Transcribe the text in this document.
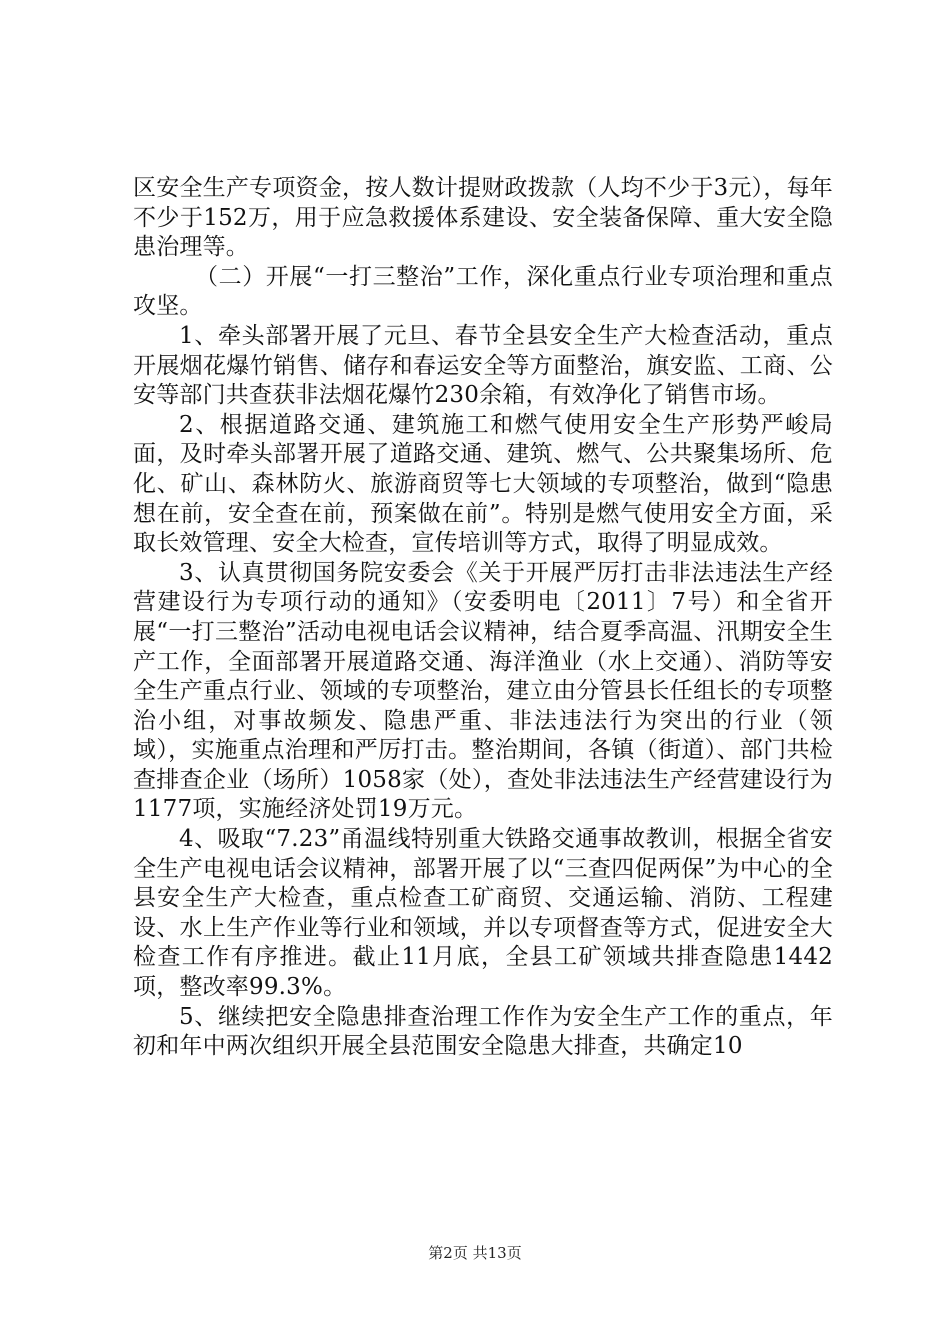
区安全生产专项资金，按人数计提财政拨款（人均不少于3元），每年不少于152万，用于应急救援体系建设、安全装备保障、重大安全隐患治理等。

（二）开展“一打三整治”工作，深化重点行业专项治理和重点攻坚。

1、牵头部署开展了元旦、春节全县安全生产大检查活动，重点开展烟花爆竹销售、储存和春运安全等方面整治，旗安监、工商、公安等部门共查获非法烟花爆竹230余箱，有效净化了销售市场。

2、根据道路交通、建筑施工和燃气使用安全生产形势严峻局面，及时牵头部署开展了道路交通、建筑、燃气、公共聚集场所、危化、矿山、森林防火、旅游商贸等七大领域的专项整治，做到“隐患想在前，安全查在前，预案做在前”。特别是燃气使用安全方面，采取长效管理、安全大检查，宣传培训等方式，取得了明显成效。

3、认真贯彻国务院安委会《关于开展严厉打击非法违法生产经营建设行为专项行动的通知》（安委明电〔2011〕7号）和全省开展“一打三整治”活动电视电话会议精神，结合夏季高温、汛期安全生产工作，全面部署开展道路交通、海洋渔业（水上交通）、消防等安全生产重点行业、领域的专项整治，建立由分管县长任组长的专项整治小组，对事故频发、隐患严重、非法违法行为突出的行业（领域），实施重点治理和严厉打击。整治期间，各镇（街道）、部门共检查排查企业（场所）1058家（处），查处非法违法生产经营建设行为1177项，实施经济处罚19万元。

4、吸取“7.23”甬温线特别重大铁路交通事故教训，根据全省安全生产电视电话会议精神，部署开展了以“三查四促两保”为中心的全县安全生产大检查，重点检查工矿商贸、交通运输、消防、工程建设、水上生产作业等行业和领域，并以专项督查等方式，促进安全大检查工作有序推进。截止11月底，全县工矿领域共排查隐患1442项，整改率99.3%。

5、继续把安全隐患排查治理工作作为安全生产工作的重点，年初和年中两次组织开展全县范围安全隐患大排查，共确定10

第2页 共13页
